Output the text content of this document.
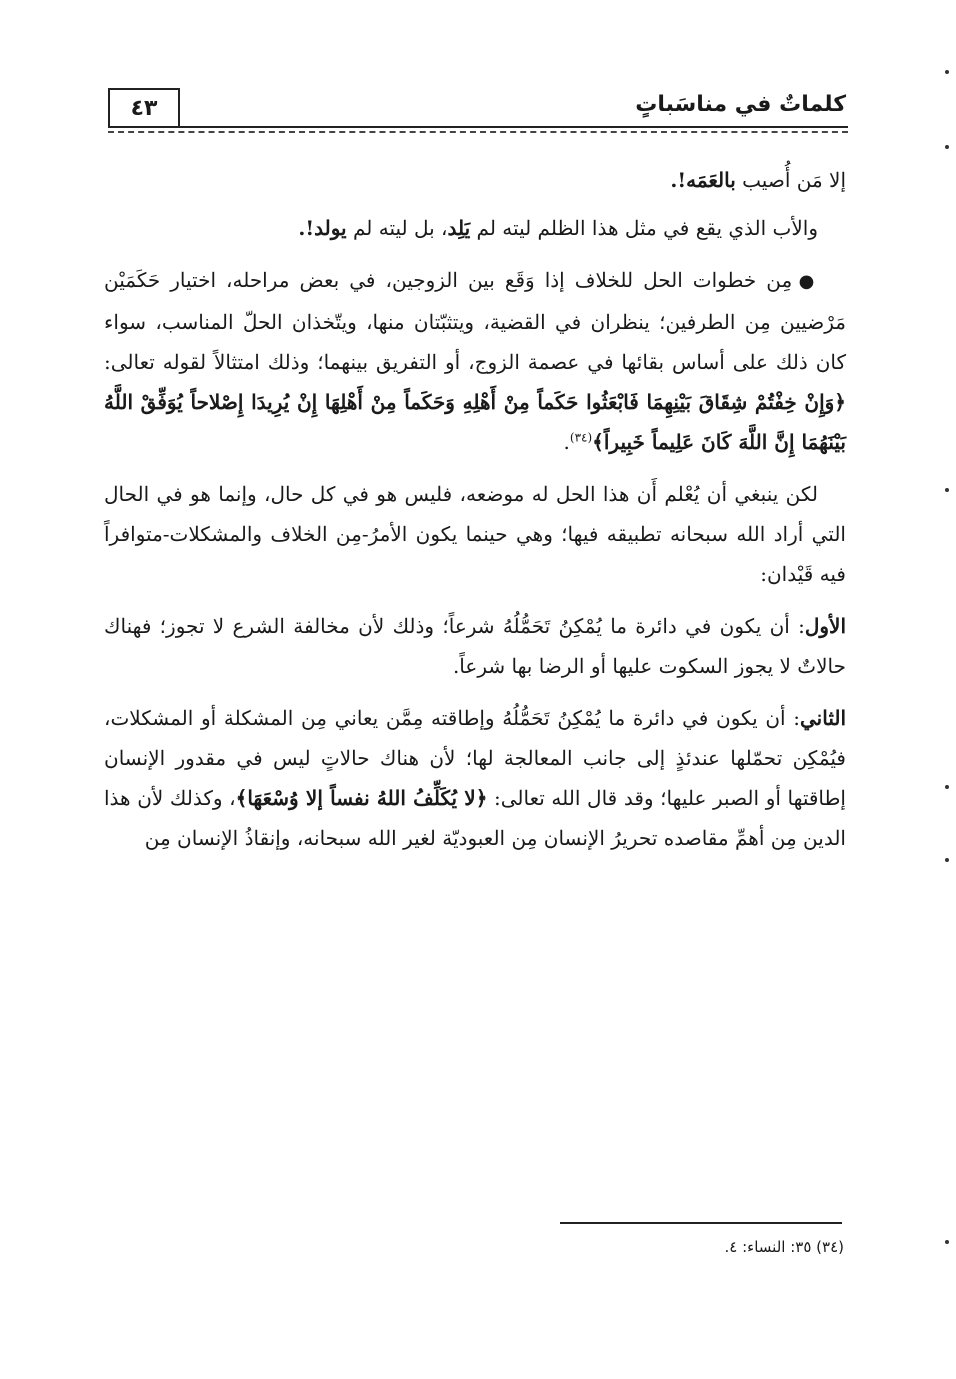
كلماتٌ في مناسَباتٍ
٤٣

إلا مَن أُصيب بالعَمَه!.

والأب الذي يقع في مثل هذا الظلم ليته لم يَلِد، بل ليته لم يولد!.

● مِن خطوات الحل للخلاف إذا وَقَع بين الزوجين، في بعض مراحله، اختيار حَكَمَيْن مَرْضيين مِن الطرفين؛ ينظران في القضية، ويتثبّتان منها، ويتّخذان الحلّ المناسب، سواء كان ذلك على أساس بقائها في عصمة الزوج، أو التفريق بينهما؛ وذلك امتثالاً لقوله تعالى: ﴿وَإِنْ خِفْتُمْ شِقَاقَ بَيْنِهِمَا فَابْعَثُوا حَكَماً مِنْ أَهْلِهِ وَحَكَماً مِنْ أَهْلِهَا إِنْ يُرِيدَا إِصْلاحاً يُوَفِّقْ اللَّهُ بَيْنَهُمَا إِنَّ اللَّهَ كَانَ عَلِيماً خَبِيراً﴾$^{(٣٤)}$.

لكن ينبغي أن يُعْلم أَن هذا الحل له موضعه، فليس هو في كل حال، وإنما هو في الحال التي أراد الله سبحانه تطبيقه فيها؛ وهي حينما يكون الأمرُ-مِن الخلاف والمشكلات-متوافراً فيه قَيْدان:

الأول: أن يكون في دائرة ما يُمْكِنُ تَحَمُّلُهُ شرعاً؛ وذلك لأن مخالفة الشرع لا تجوز؛ فهناك حالاتٌ لا يجوز السكوت عليها أو الرضا بها شرعاً.

الثاني: أن يكون في دائرة ما يُمْكِنُ تَحَمُّلُهُ وإطاقته مِمَّن يعاني مِن المشكلة أو المشكلات، فيُمْكِن تحمّلها عندئذٍ إلى جانب المعالجة لها؛ لأن هناك حالاتٍ ليس في مقدور الإنسان إطاقتها أو الصبر عليها؛ وقد قال الله تعالى: ﴿لا يُكَلِّفُ اللهُ نفساً إلا وُسْعَهَا﴾، وكذلك لأن هذا الدين مِن أهمِّ مقاصده تحريرُ الإنسان مِن العبوديّة لغير الله سبحانه، وإنقاذُ الإنسان مِن

(٣٤) ٣٥: النساء: ٤.
